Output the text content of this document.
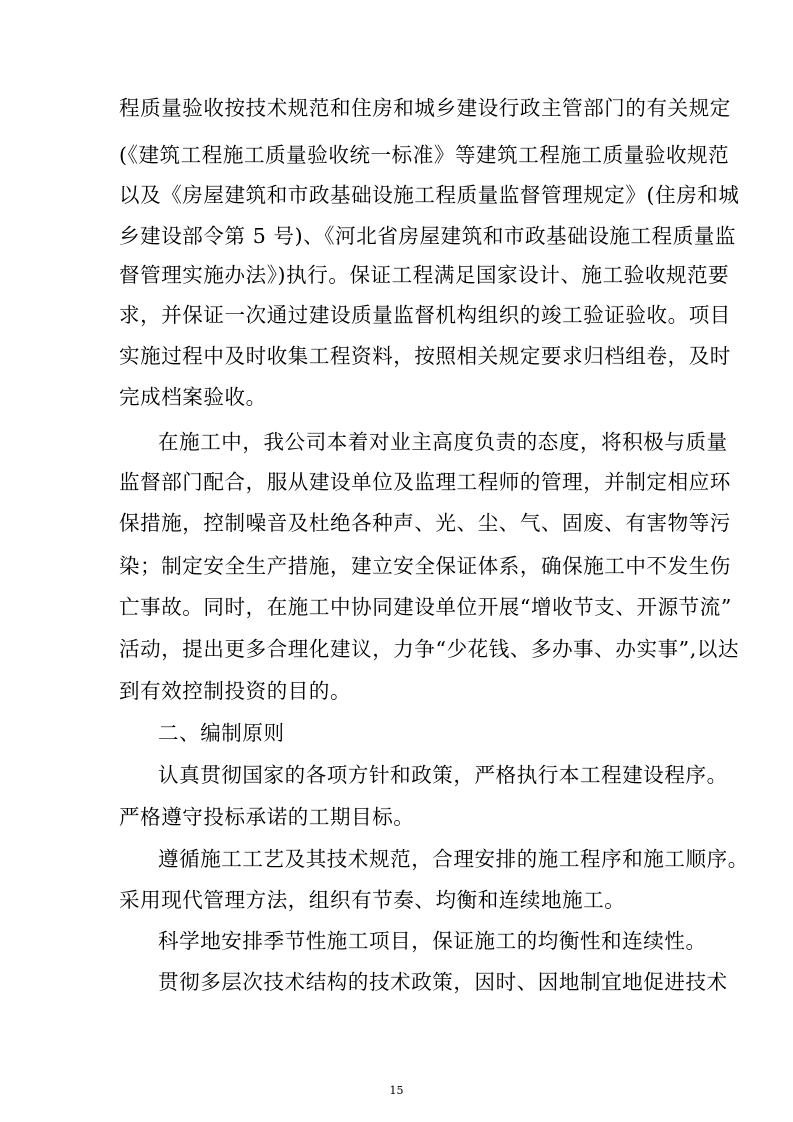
程质量验收按技术规范和住房和城乡建设行政主管部门的有关规定
(《建筑工程施工质量验收统一标准》等建筑工程施工质量验收规范
以及《房屋建筑和市政基础设施工程质量监督管理规定》(住房和城
乡建设部令第 5 号)、《河北省房屋建筑和市政基础设施工程质量监
督管理实施办法》)执行。保证工程满足国家设计、施工验收规范要
求，并保证一次通过建设质量监督机构组织的竣工验证验收。项目
实施过程中及时收集工程资料，按照相关规定要求归档组卷，及时
完成档案验收。
在施工中，我公司本着对业主高度负责的态度，将积极与质量
监督部门配合，服从建设单位及监理工程师的管理，并制定相应环
保措施，控制噪音及杜绝各种声、光、尘、气、固废、有害物等污
染；制定安全生产措施，建立安全保证体系，确保施工中不发生伤
亡事故。同时，在施工中协同建设单位开展“增收节支、开源节流”
活动，提出更多合理化建议，力争“少花钱、多办事、办实事”,以达
到有效控制投资的目的。
二、编制原则
认真贯彻国家的各项方针和政策，严格执行本工程建设程序。
严格遵守投标承诺的工期目标。
遵循施工工艺及其技术规范，合理安排的施工程序和施工顺序。
采用现代管理方法，组织有节奏、均衡和连续地施工。
科学地安排季节性施工项目，保证施工的均衡性和连续性。
贯彻多层次技术结构的技术政策，因时、因地制宜地促进技术
15
